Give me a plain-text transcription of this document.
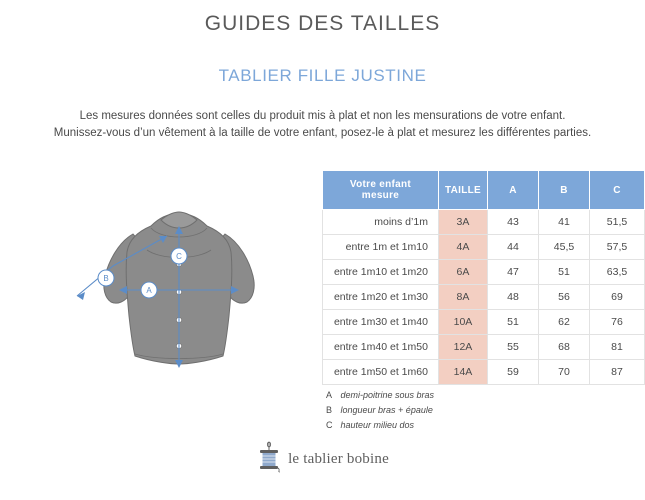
GUIDES DES TAILLES
TABLIER FILLE JUSTINE
Les mesures données sont celles du produit mis à plat et non les mensurations de votre enfant.
Munissez-vous d’un vêtement à la taille de votre enfant, posez-le à plat et mesurez les différentes parties.
B
C
A
Votre enfant mesure	TAILLE	A	B	C
moins d’1m	3A	43	41	51,5
entre 1m et 1m10	4A	44	45,5	57,5
entre 1m10 et 1m20	6A	47	51	63,5
entre 1m20 et 1m30	8A	48	56	69
entre 1m30 et 1m40	10A	51	62	76
entre 1m40 et 1m50	12A	55	68	81
entre 1m50 et 1m60	14A	59	70	87
A demi-poitrine sous bras
B longueur bras + épaule
C hauteur milieu dos
le tablier bobine
